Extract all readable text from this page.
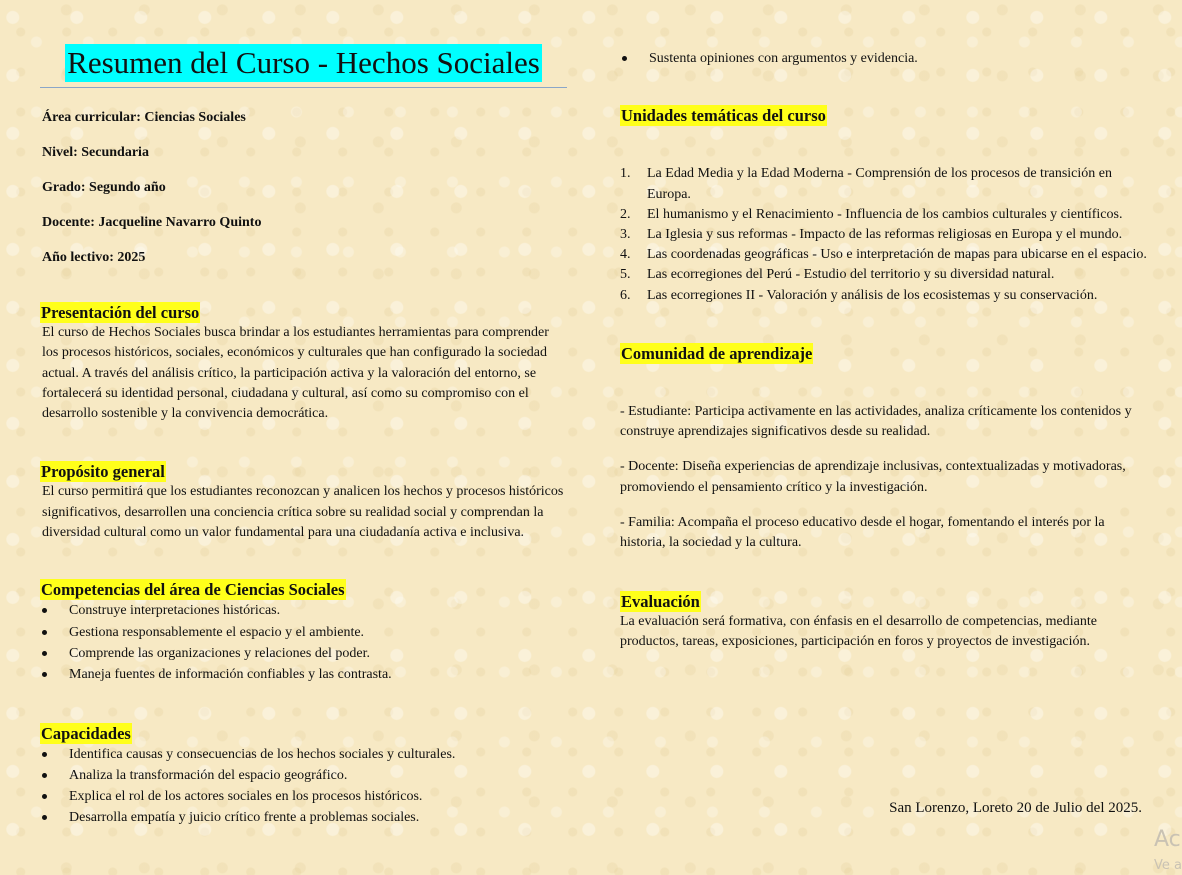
Resumen del Curso - Hechos Sociales
Área curricular: Ciencias Sociales
Nivel: Secundaria
Grado: Segundo año
Docente: Jacqueline Navarro Quinto
Año lectivo: 2025
Presentación del curso

El curso de Hechos Sociales busca brindar a los estudiantes herramientas para comprender los procesos históricos, sociales, económicos y culturales que han configurado la sociedad actual. A través del análisis crítico, la participación activa y la valoración del entorno, se fortalecerá su identidad personal, ciudadana y cultural, así como su compromiso con el desarrollo sostenible y la convivencia democrática.

Propósito general

El curso permitirá que los estudiantes reconozcan y analicen los hechos y procesos históricos significativos, desarrollen una conciencia crítica sobre su realidad social y comprendan la diversidad cultural como un valor fundamental para una ciudadanía activa e inclusiva.

Competencias del área de Ciencias Sociales
Construye interpretaciones históricas.
Gestiona responsablemente el espacio y el ambiente.
Comprende las organizaciones y relaciones del poder.
Maneja fuentes de información confiables y las contrasta.
Capacidades
Identifica causas y consecuencias de los hechos sociales y culturales.
Analiza la transformación del espacio geográfico.
Explica el rol de los actores sociales en los procesos históricos.
Desarrolla empatía y juicio crítico frente a problemas sociales.
Sustenta opiniones con argumentos y evidencia.
Unidades temáticas del curso
1. La Edad Media y la Edad Moderna - Comprensión de los procesos de transición en Europa.
2. El humanismo y el Renacimiento - Influencia de los cambios culturales y científicos.
3. La Iglesia y sus reformas - Impacto de las reformas religiosas en Europa y el mundo.
4. Las coordenadas geográficas - Uso e interpretación de mapas para ubicarse en el espacio.
5. Las ecorregiones del Perú - Estudio del territorio y su diversidad natural.
6. Las ecorregiones II - Valoración y análisis de los ecosistemas y su conservación.
Comunidad de aprendizaje

- Estudiante: Participa activamente en las actividades, analiza críticamente los contenidos y construye aprendizajes significativos desde su realidad.

- Docente: Diseña experiencias de aprendizaje inclusivas, contextualizadas y motivadoras, promoviendo el pensamiento crítico y la investigación.

- Familia: Acompaña el proceso educativo desde el hogar, fomentando el interés por la historia, la sociedad y la cultura.

Evaluación

La evaluación será formativa, con énfasis en el desarrollo de competencias, mediante productos, tareas, exposiciones, participación en foros y proyectos de investigación.

San Lorenzo, Loreto 20 de Julio del 2025.
Ac
Ve a
